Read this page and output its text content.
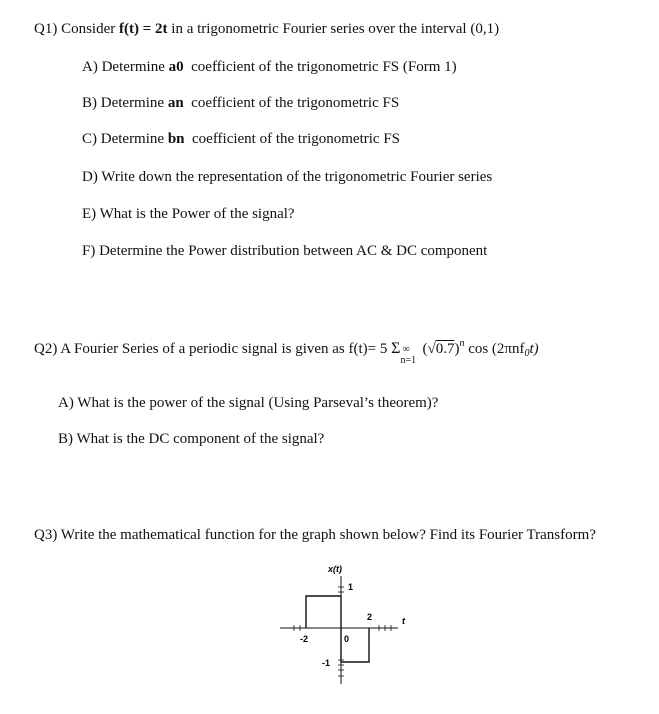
Q1) Consider f(t) = 2t in a trigonometric Fourier series over the interval (0,1)
A) Determine a0  coefficient of the trigonometric FS (Form 1)
B) Determine an  coefficient of the trigonometric FS
C) Determine bn  coefficient of the trigonometric FS
D) Write down the representation of the trigonometric Fourier series
E) What is the Power of the signal?
F) Determine the Power distribution between AC & DC component
Q2) A Fourier Series of a periodic signal is given as f(t)= 5 Σ ∞
n=1
$(√0.7)^n$ cos (2πnf$_0$t)
A) What is the power of the signal (Using Parseval’s theorem)?
B) What is the DC component of the signal?
Q3) Write the mathematical function for the graph shown below? Find its Fourier Transform?
x(t)
1
2	t
-2	0
-1
